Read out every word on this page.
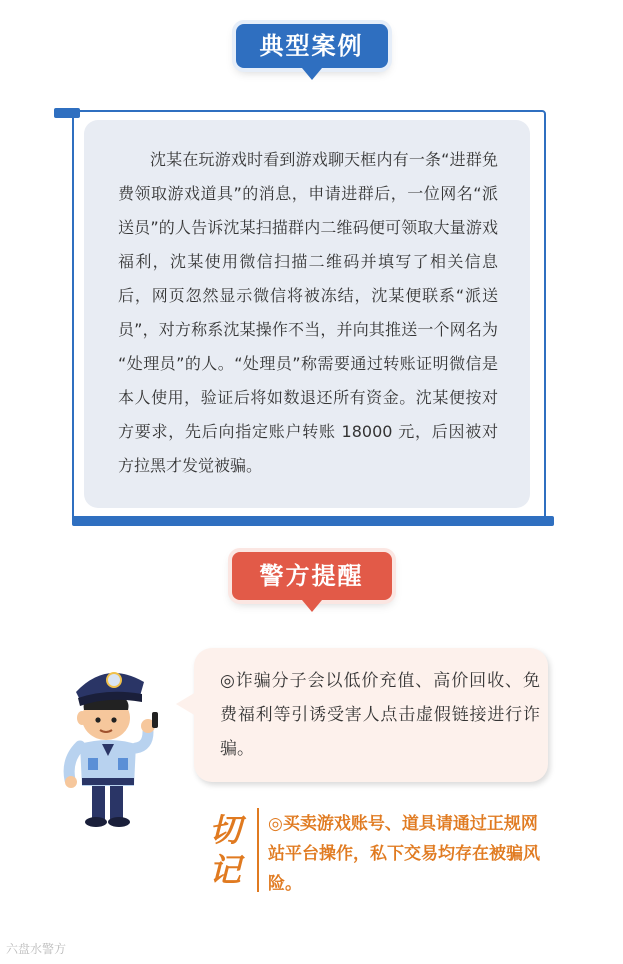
典型案例

沈某在玩游戏时看到游戏聊天框内有一条“进群免费领取游戏道具”的消息，申请进群后，一位网名“派送员”的人告诉沈某扫描群内二维码便可领取大量游戏福利，沈某使用微信扫描二维码并填写了相关信息后，网页忽然显示微信将被冻结，沈某便联系“派送员”，对方称系沈某操作不当，并向其推送一个网名为 “处理员”的人。“处理员”称需要通过转账证明微信是本人使用，验证后将如数退还所有资金。沈某便按对方要求，先后向指定账户转账 18000 元，后因被对方拉黑才发觉被骗。

警方提醒

◎诈骗分子会以低价充值、高价回收、免费福利等引诱受害人点击虚假链接进行诈骗。

切
记

◎买卖游戏账号、道具请通过正规网站平台操作，私下交易均存在被骗风险。

六盘水警方
